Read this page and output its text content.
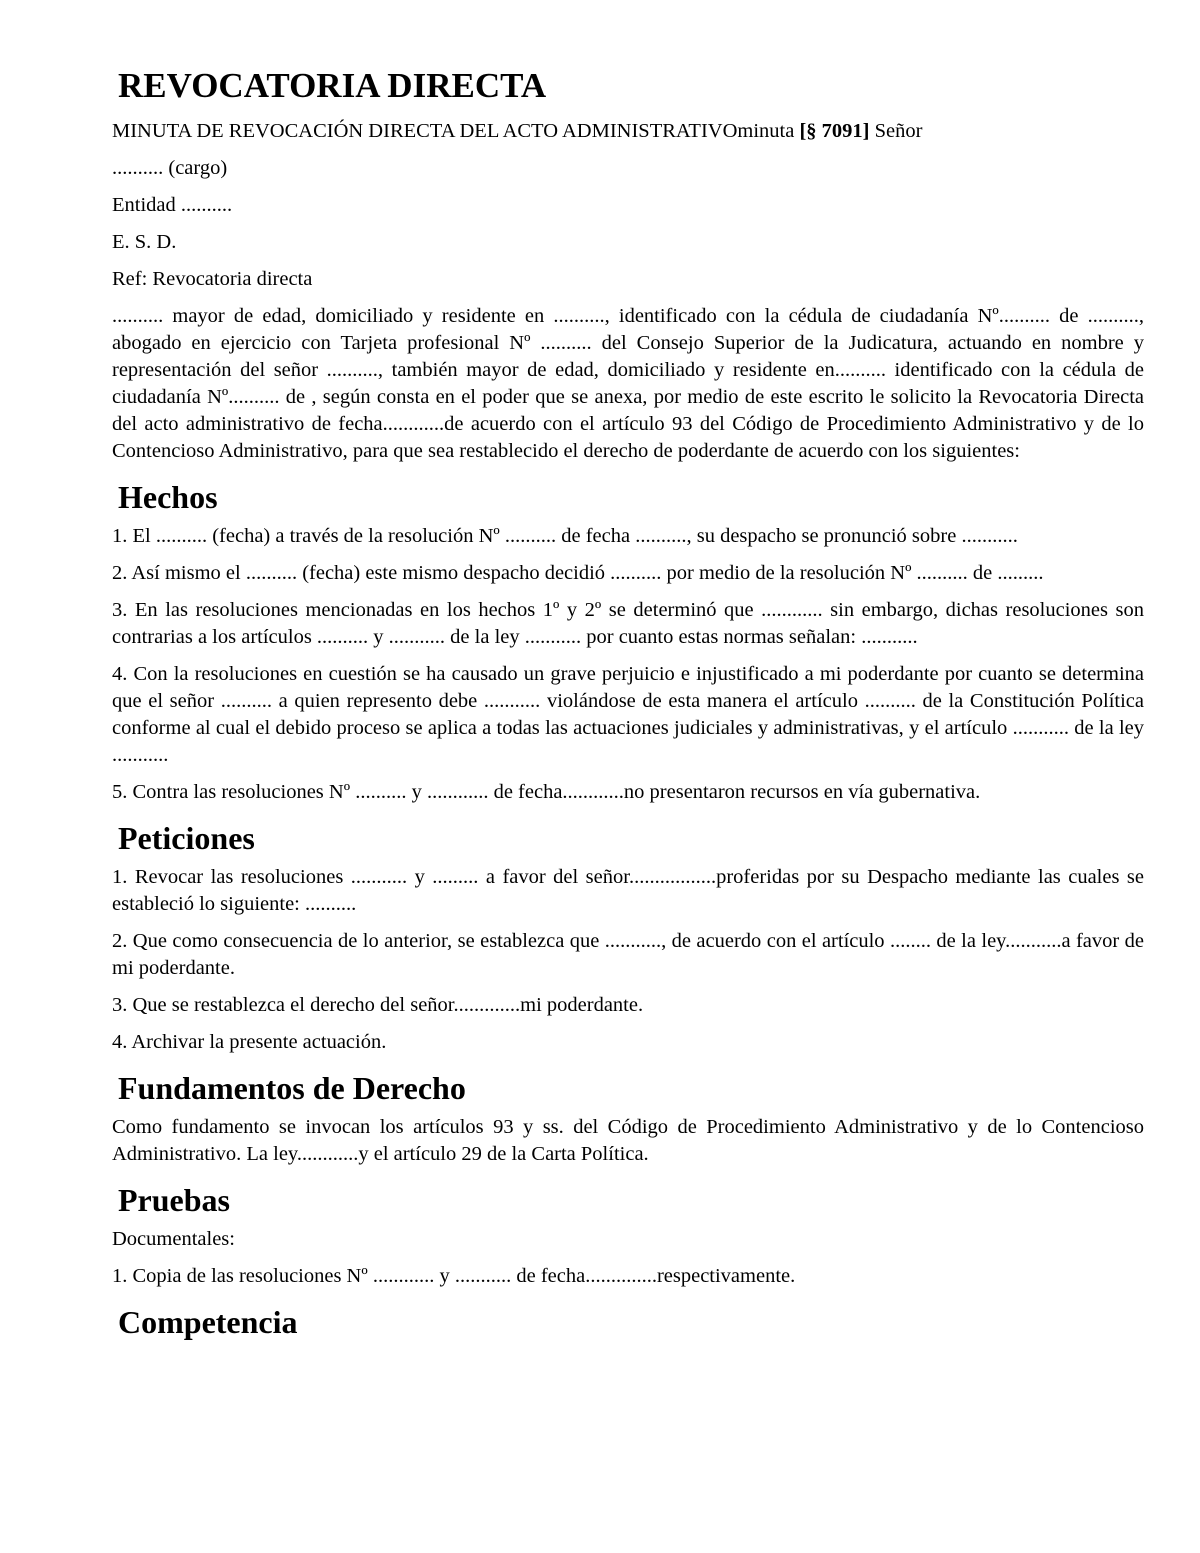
REVOCATORIA DIRECTA

MINUTA DE REVOCACIÓN DIRECTA DEL ACTO ADMINISTRATIVOminuta [§ 7091] Señor

.......... (cargo)

Entidad ..........

E. S. D.

Ref: Revocatoria directa

.......... mayor de edad, domiciliado y residente en .........., identificado con la cédula de ciudadanía Nº.......... de .........., abogado en ejercicio con Tarjeta profesional Nº .......... del Consejo Superior de la Judicatura, actuando en nombre y representación del señor .........., también mayor de edad, domiciliado y residente en.......... identificado con la cédula de ciudadanía Nº.......... de , según consta en el poder que se anexa, por medio de este escrito le solicito la Revocatoria Directa del acto administrativo de fecha............de acuerdo con el artículo 93 del Código de Procedimiento Administrativo y de lo Contencioso Administrativo, para que sea restablecido el derecho de poderdante de acuerdo con los siguientes:

Hechos

1. El .......... (fecha) a través de la resolución Nº .......... de fecha .........., su despacho se pronunció sobre ...........

2. Así mismo el .......... (fecha) este mismo despacho decidió .......... por medio de la resolución Nº .......... de .........

3. En las resoluciones mencionadas en los hechos 1º y 2º se determinó que ............ sin embargo, dichas resoluciones son contrarias a los artículos .......... y ........... de la ley ........... por cuanto estas normas señalan: ...........

4. Con la resoluciones en cuestión se ha causado un grave perjuicio e injustificado a mi poderdante por cuanto se determina que el señor .......... a quien represento debe ........... violándose de esta manera el artículo .......... de la Constitución Política conforme al cual el debido proceso se aplica a todas las actuaciones judiciales y administrativas, y el artículo ........... de la ley ...........

5. Contra las resoluciones Nº .......... y ............ de fecha............no presentaron recursos en vía gubernativa.

Peticiones

1. Revocar las resoluciones ........... y ......... a favor del señor.................proferidas por su Despacho mediante las cuales se estableció lo siguiente: ..........

2. Que como consecuencia de lo anterior, se establezca que ..........., de acuerdo con el artículo ........ de la ley...........a favor de mi poderdante.

3. Que se restablezca el derecho del señor.............mi poderdante.

4. Archivar la presente actuación.

Fundamentos de Derecho

Como fundamento se invocan los artículos 93 y ss. del Código de Procedimiento Administrativo y de lo Contencioso Administrativo. La ley............y el artículo 29 de la Carta Política.

Pruebas

Documentales:

1. Copia de las resoluciones Nº ............ y ........... de fecha..............respectivamente.

Competencia
